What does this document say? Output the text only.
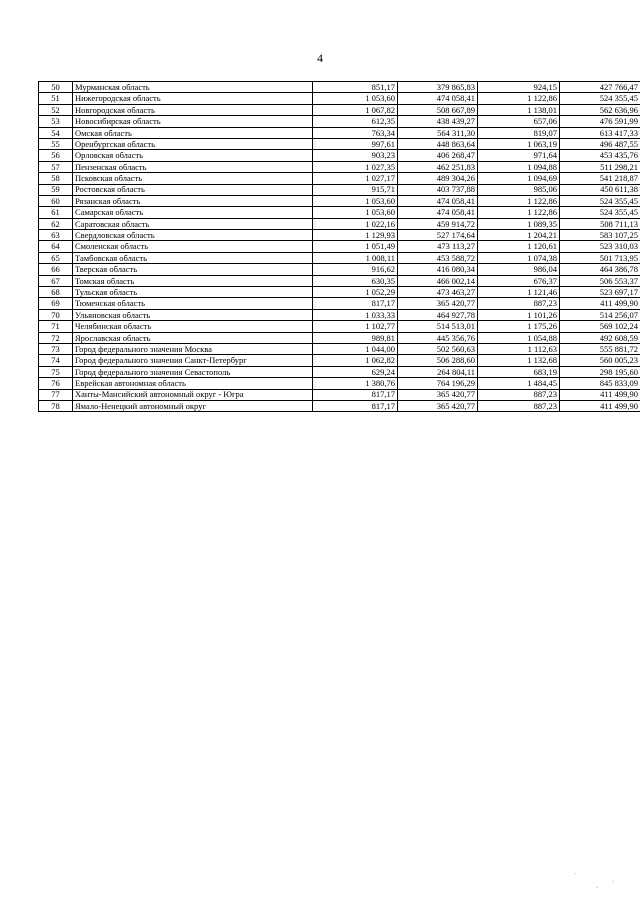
4
50	Мурманская область	851,17	379 865,83	924,15	427 766,47
51	Нижегородская область	1 053,60	474 058,41	1 122,86	524 355,45
52	Новгородская область	1 067,82	508 667,89	1 138,01	562 636,96
53	Новосибирская область	612,35	438 439,27	657,06	476 591,99
54	Омская область	763,34	564 311,30	819,07	613 417,33
55	Оренбургская область	997,61	448 863,64	1 063,19	496 487,55
56	Орловская область	903,23	406 268,47	971,64	453 435,76
57	Пензенская область	1 027,35	462 251,83	1 094,88	511 298,21
58	Псковская область	1 027,17	489 304,26	1 094,69	541 218,87
59	Ростовская область	915,71	403 737,88	985,06	450 611,38
60	Рязанская область	1 053,60	474 058,41	1 122,86	524 355,45
61	Самарская область	1 053,60	474 058,41	1 122,86	524 355,45
62	Саратовская область	1 022,16	459 914,72	1 089,35	508 711,13
63	Свердловская область	1 129,93	527 174,64	1 204,21	583 107,25
64	Смоленская область	1 051,49	473 113,27	1 120,61	523 310,03
65	Тамбовская область	1 008,11	453 588,72	1 074,38	501 713,95
66	Тверская область	916,62	416 080,34	986,04	464 386,78
67	Томская область	630,35	466 002,14	676,37	506 553,37
68	Тульская область	1 052,29	473 463,27	1 121,46	523 697,17
69	Тюменская область	817,17	365 420,77	887,23	411 499,90
70	Ульяновская область	1 033,33	464 927,78	1 101,26	514 256,07
71	Челябинская область	1 102,77	514 513,01	1 175,26	569 102,24
72	Ярославская область	989,81	445 356,76	1 054,88	492 608,59
73	Город федерального значения Москва	1 044,00	502 560,63	1 112,63	555 881,72
74	Город федерального значения Санкт-Петербург	1 062,82	506 288,60	1 132,68	560 005,23
75	Город федерального значения Севастополь	629,24	264 804,11	683,19	298 195,60
76	Еврейская автономная область	1 380,76	764 196,29	1 484,45	845 833,09
77	Ханты-Мансийский автономный округ - Югра	817,17	365 420,77	887,23	411 499,90
78	Ямало-Ненецкий автономный округ	817,17	365 420,77	887,23	411 499,90
·
·
·
